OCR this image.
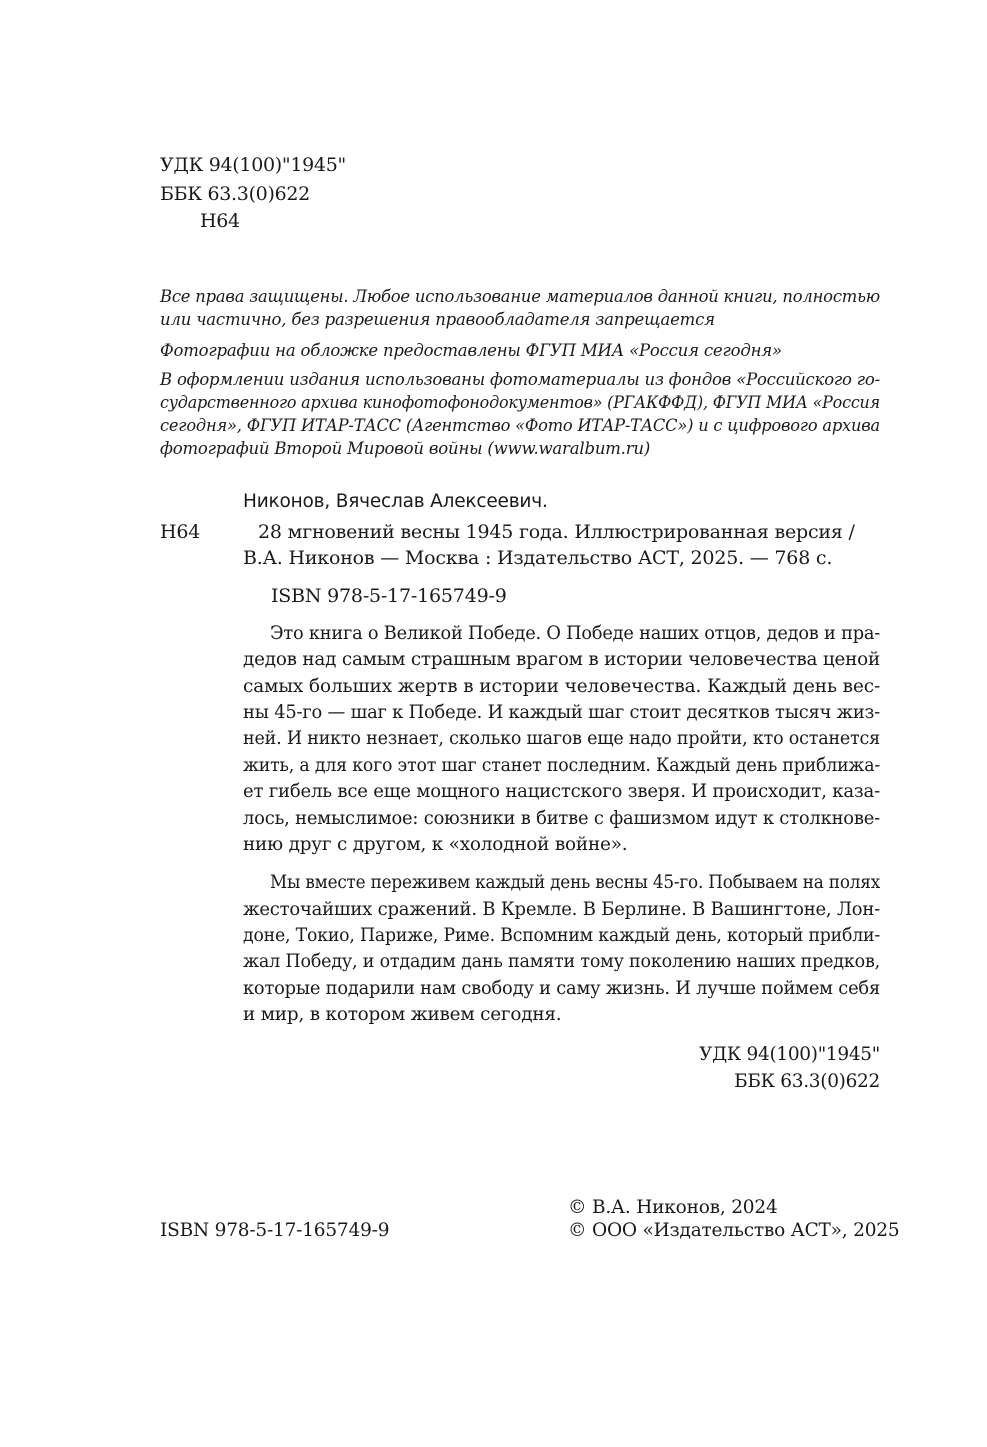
УДК 94(100)"1945"
ББК 63.3(0)622
Н64

Все права защищены. Любое использование материалов данной книги, полностью

или частично, без разрешения правообладателя запрещается

Фотографии на обложке предоставлены ФГУП МИА «Россия сегодня»

В оформлении издания использованы фотоматериалы из фондов «Российского го-

сударственного архива кинофотофонодокументов» (РГАКФФД), ФГУП МИА «Россия

сегодня», ФГУП ИТАР-ТАСС (Агентство «Фото ИТАР-ТАСС») и с цифрового архива

фотографий Второй Мировой войны (www.waralbum.ru)

Никонов, Вячеслав Алексеевич.
Н64	28 мгновений весны 1945 года. Иллюстрированная версия /
В.А. Никонов — Москва : Издательство АСТ, 2025. — 768 с.
ISBN 978-5-17-165749-9
Это книга о Великой Победе. О Победе наших отцов, дедов и пра-
дедов над самым страшным врагом в истории человечества ценой
самых больших жертв в истории человечества. Каждый день вес-
ны 45-го — шаг к Победе. И каждый шаг стоит десятков тысяч жиз-
ней. И никто незнает, сколько шагов еще надо пройти, кто останется
жить, а для кого этот шаг станет последним. Каждый день приближа-
ет гибель все еще мощного нацистского зверя. И происходит, каза-
лось, немыслимое: союзники в битве с фашизмом идут к столкнове-
нию друг с другом, к «холодной войне».
Мы вместе переживем каждый день весны 45-го. Побываем на полях
жесточайших сражений. В Кремле. В Берлине. В Вашингтоне, Лон-
доне, Токио, Париже, Риме. Вспомним каждый день, который прибли-
жал Победу, и отдадим дань памяти тому поколению наших предков,
которые подарили нам свободу и саму жизнь. И лучше поймем себя
и мир, в котором живем сегодня.
УДК 94(100)"1945"
ББК 63.3(0)622
ISBN 978-5-17-165749-9
© В.А. Никонов, 2024
© ООО «Издательство АСТ», 2025
